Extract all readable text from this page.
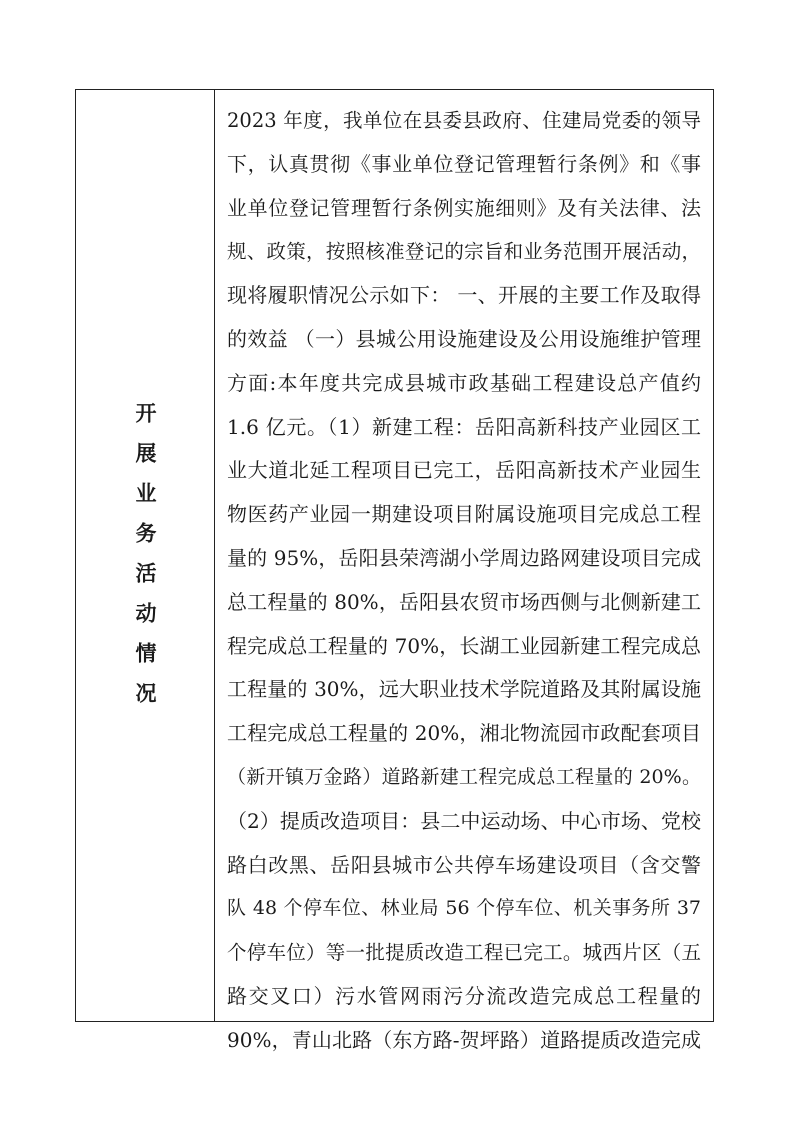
开展业务活动情况
2023 年度，我单位在县委县政府、住建局党委的领导
下，认真贯彻《事业单位登记管理暂行条例》和《事
业单位登记管理暂行条例实施细则》及有关法律、法
规、政策，按照核准登记的宗旨和业务范围开展活动，
现将履职情况公示如下： 一、开展的主要工作及取得
的效益 （一）县城公用设施建设及公用设施维护管理
方面:本年度共完成县城市政基础工程建设总产值约
1.6 亿元。（1）新建工程：岳阳高新科技产业园区工
业大道北延工程项目已完工，岳阳高新技术产业园生
物医药产业园一期建设项目附属设施项目完成总工程
量的 95%，岳阳县荣湾湖小学周边路网建设项目完成
总工程量的 80%，岳阳县农贸市场西侧与北侧新建工
程完成总工程量的 70%，长湖工业园新建工程完成总
工程量的 30%，远大职业技术学院道路及其附属设施
工程完成总工程量的 20%，湘北物流园市政配套项目
（新开镇万金路）道路新建工程完成总工程量的 20%。
（2）提质改造项目：县二中运动场、中心市场、党校
路白改黑、岳阳县城市公共停车场建设项目（含交警
队 48 个停车位、林业局 56 个停车位、机关事务所 37
个停车位）等一批提质改造工程已完工。城西片区（五
路交叉口）污水管网雨污分流改造完成总工程量的
90%，青山北路（东方路-贺坪路）道路提质改造完成
